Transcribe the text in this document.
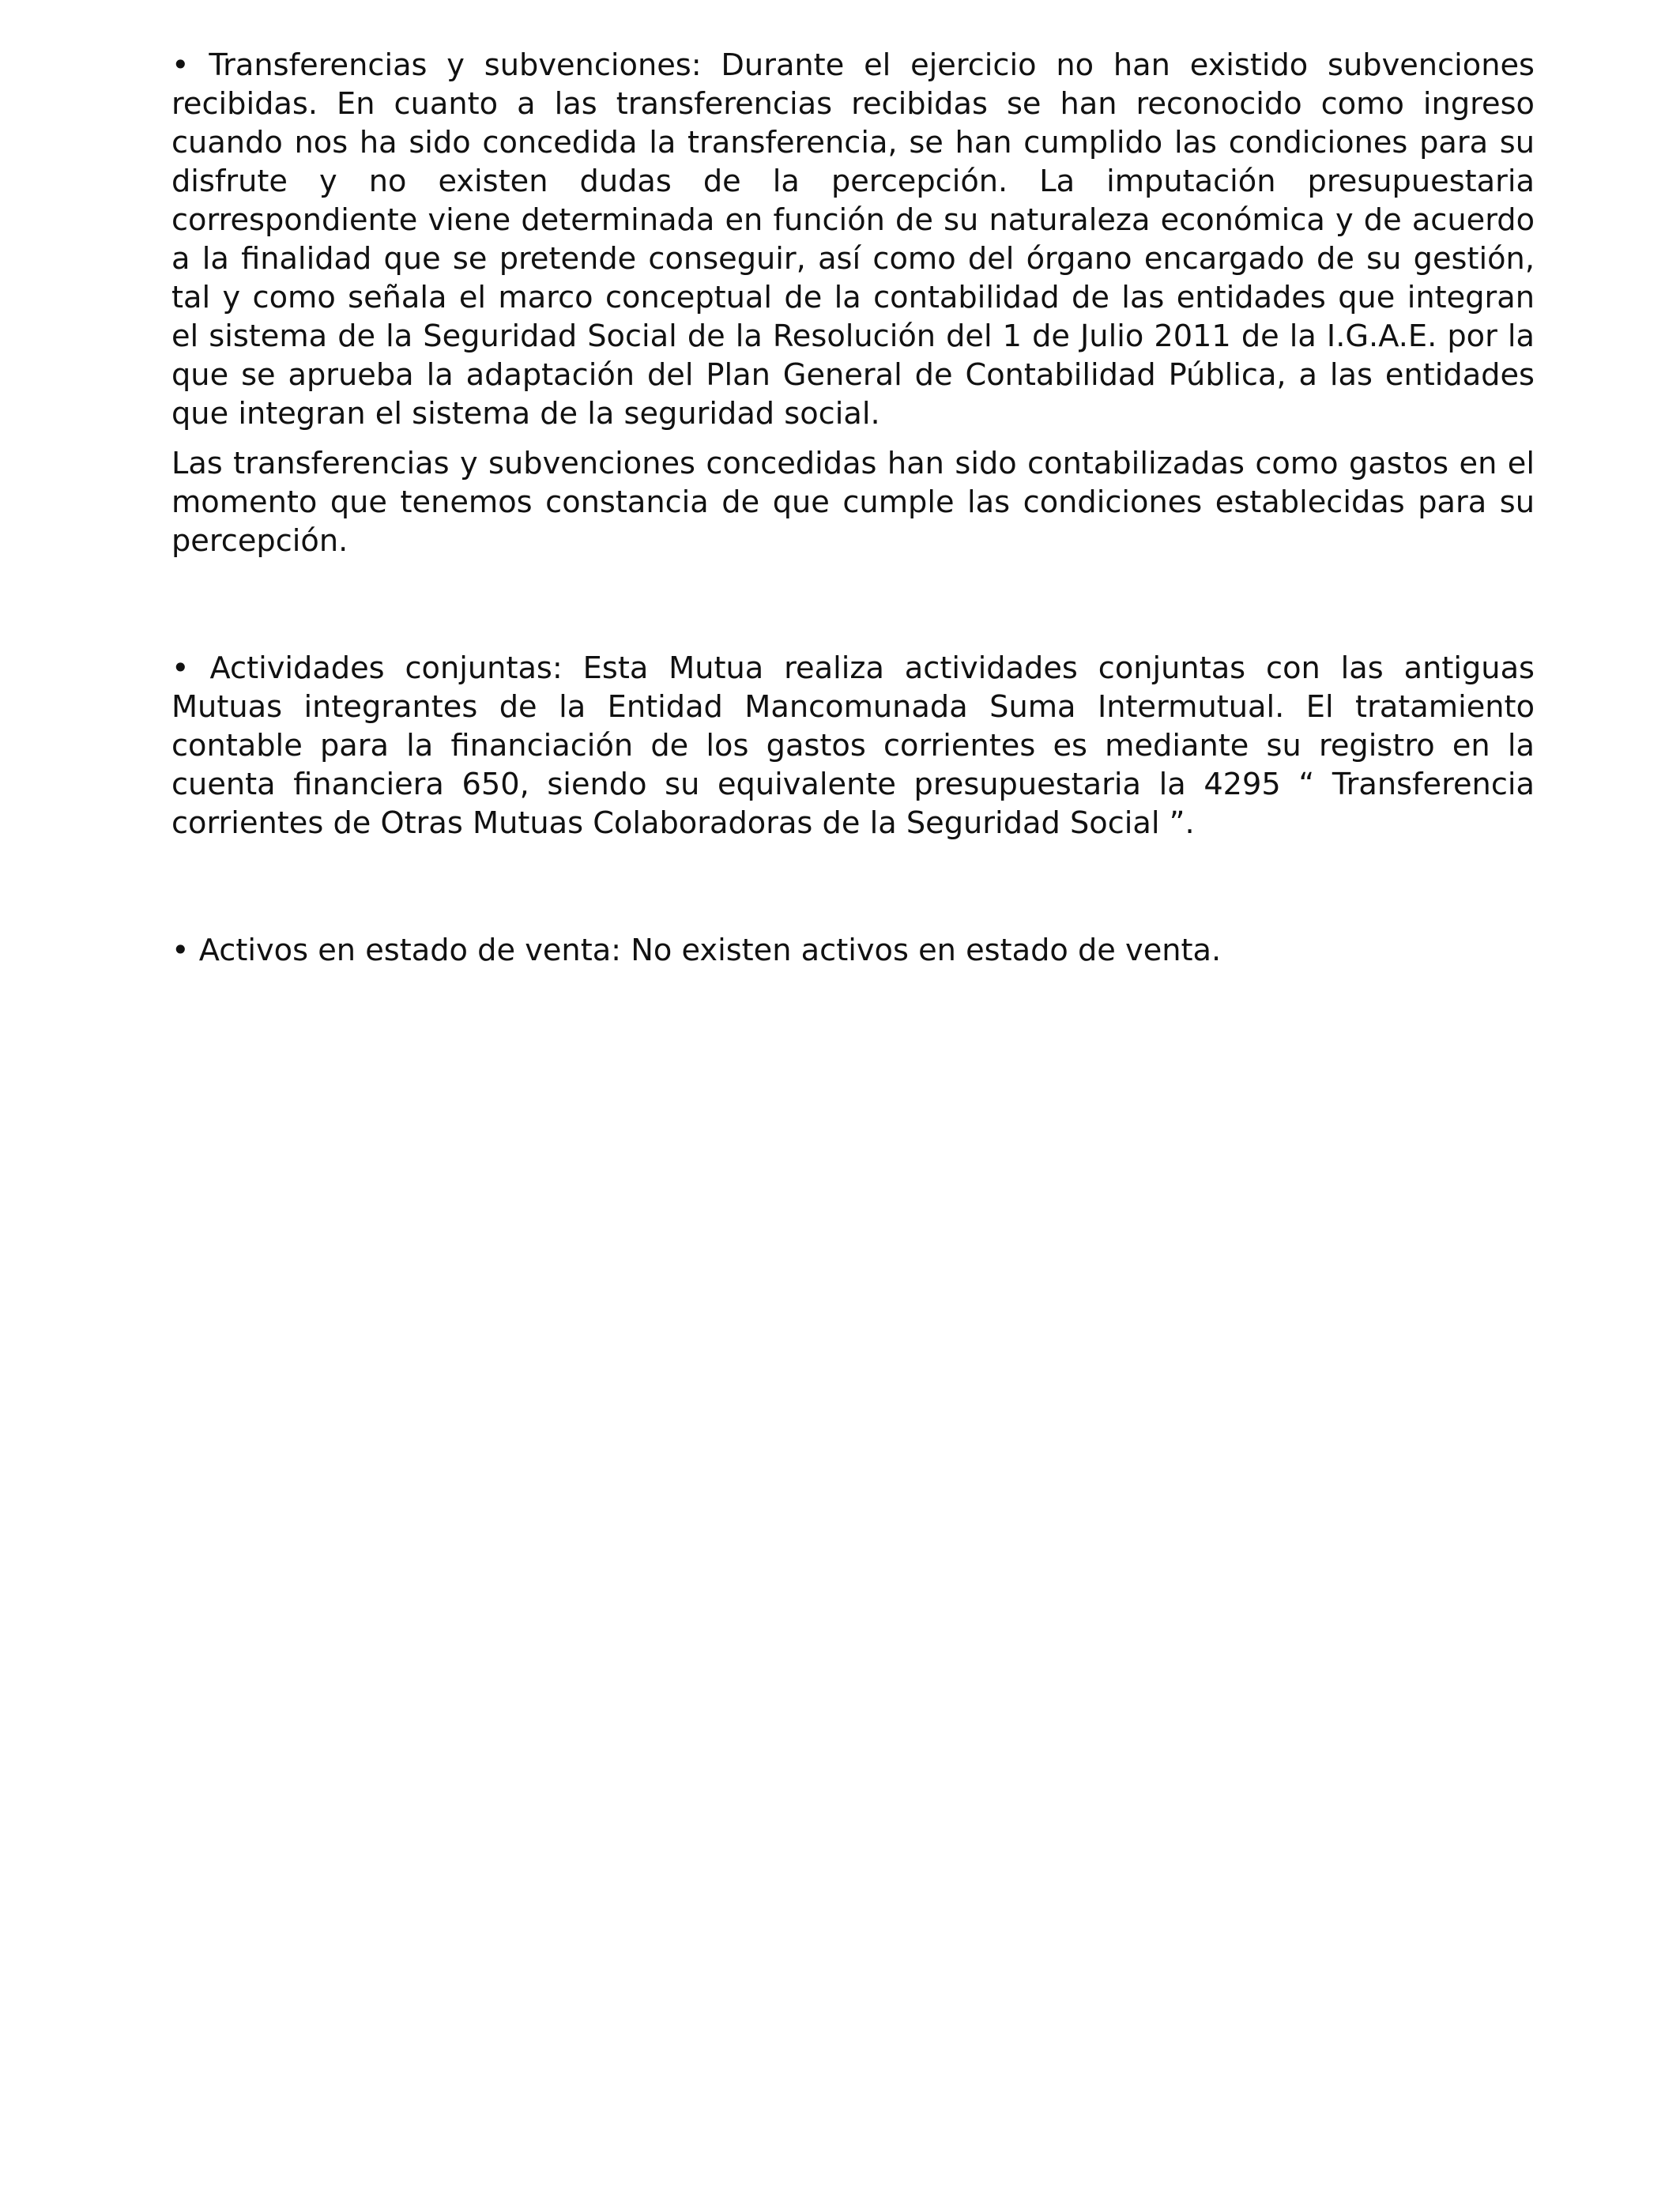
• Transferencias y subvenciones: Durante el ejercicio no han existido subvenciones recibidas. En cuanto a las transferencias recibidas se han reconocido como ingreso cuando nos ha sido concedida la transferencia, se han cumplido las condiciones para su disfrute y no existen dudas de la percepción. La imputación presupuestaria correspondiente viene determinada en función de su naturaleza económica y de acuerdo a la finalidad que se pretende conseguir, así como del órgano encargado de su gestión, tal y como señala el marco conceptual de la contabilidad de las entidades que integran el sistema de la Seguridad Social de la Resolución del 1 de Julio 2011 de la I.G.A.E. por la que se aprueba la adaptación del Plan General de Contabilidad Pública, a las entidades que integran el sistema de la seguridad social.

Las transferencias y subvenciones concedidas han sido contabilizadas como gastos en el momento que tenemos constancia de que cumple las condiciones establecidas para su percepción.

• Actividades conjuntas: Esta Mutua realiza actividades conjuntas con las antiguas Mutuas integrantes de la Entidad Mancomunada Suma Intermutual. El tratamiento contable para la financiación de los gastos corrientes es mediante su registro en la cuenta financiera 650, siendo su equivalente presupuestaria la 4295 “ Transferencia corrientes de Otras Mutuas Colaboradoras de la Seguridad Social ”.

• Activos en estado de venta: No existen activos en estado de venta.
